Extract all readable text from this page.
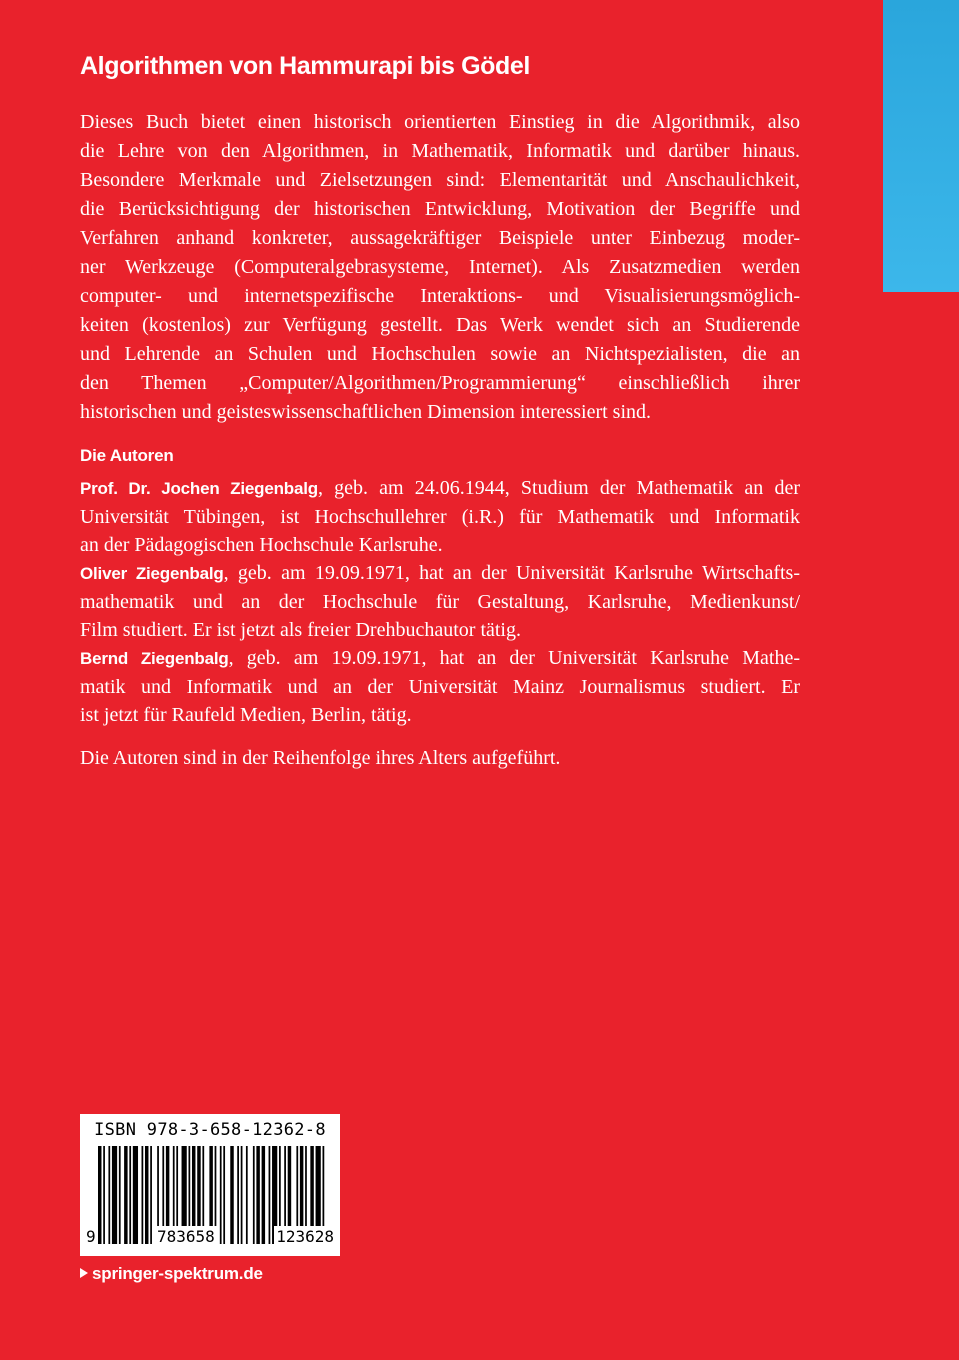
Algorithmen von Hammurapi bis Gödel

Dieses Buch bietet einen historisch orientierten Einstieg in die Algorithmik, also
die Lehre von den Algorithmen, in Mathematik, Informatik und darüber hinaus.
Besondere Merkmale und Zielsetzungen sind: Elementarität und Anschaulichkeit,
die Berücksichtigung der historischen Entwicklung, Motivation der Begriffe und
Verfahren anhand konkreter, aussagekräftiger Beispiele unter Einbezug moder-
ner Werkzeuge (Computeralgebrasysteme, Internet). Als Zusatzmedien werden
computer- und internetspezifische Interaktions- und Visualisierungsmöglich-
keiten (kostenlos) zur Verfügung gestellt. Das Werk wendet sich an Studierende
und Lehrende an Schulen und Hochschulen sowie an Nichtspezialisten, die an
den Themen „Computer/Algorithmen/Programmierung“ einschließlich ihrer
historischen und geisteswissenschaftlichen Dimension interessiert sind.

Die Autoren
Prof. Dr. Jochen Ziegenbalg, geb. am 24.06.1944, Studium der Mathematik an der
Universität Tübingen, ist Hochschullehrer (i.R.) für Mathematik und Informatik
an der Pädagogischen Hochschule Karlsruhe.
Oliver Ziegenbalg, geb. am 19.09.1971, hat an der Universität Karlsruhe Wirtschafts-
mathematik und an der Hochschule für Gestaltung, Karlsruhe, Medienkunst/
Film studiert. Er ist jetzt als freier Drehbuchautor tätig.
Bernd Ziegenbalg, geb. am 19.09.1971, hat an der Universität Karlsruhe Mathe-
matik und Informatik und an der Universität Mainz Journalismus studiert. Er
ist jetzt für Raufeld Medien, Berlin, tätig.

Die Autoren sind in der Reihenfolge ihres Alters aufgeführt.

ISBN 978-3-658-12362-8
9	783658	123628
springer-spektrum.de
